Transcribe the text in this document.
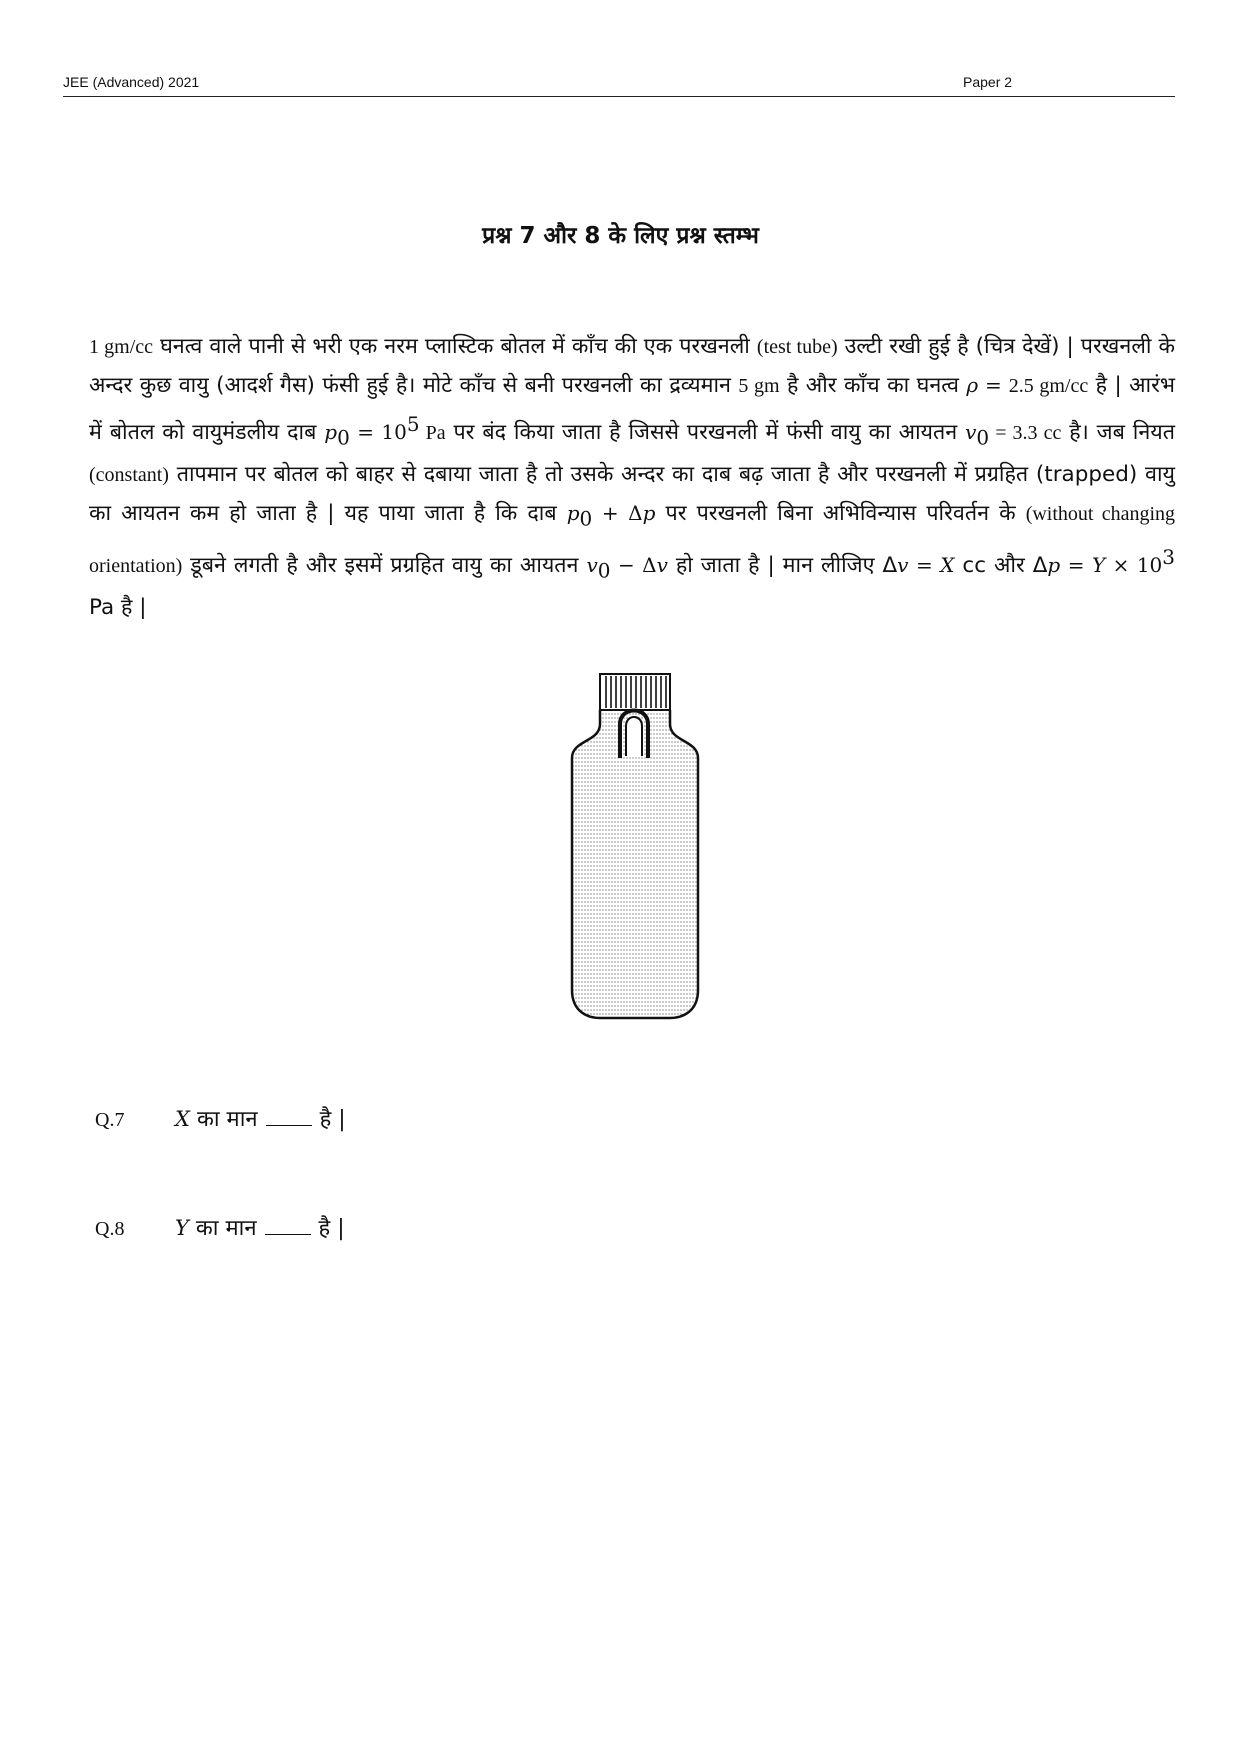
JEE (Advanced) 2021	Paper 2
प्रश्न 7 और 8 के लिए प्रश्न स्तम्भ

1 gm/cc घनत्व वाले पानी से भरी एक नरम प्लास्टिक बोतल में काँच की एक परखनली (test tube) उल्टी रखी हुई है (चित्र देखें) | परखनली के अन्दर कुछ वायु (आदर्श गैस) फंसी हुई है। मोटे काँच से बनी परखनली का द्रव्यमान 5 gm है और काँच का घनत्व ρ = 2.5 gm/cc है | आरंभ में बोतल को वायुमंडलीय दाब $p_0 = 10^5$ Pa पर बंद किया जाता है जिससे परखनली में फंसी वायु का आयतन $v_0 = 3.3$ cc है। जब नियत (constant) तापमान पर बोतल को बाहर से दबाया जाता है तो उसके अन्दर का दाब बढ़ जाता है और परखनली में प्रग्रहित (trapped) वायु का आयतन कम हो जाता है | यह पाया जाता है कि दाब $p_0 + \Delta p$ पर परखनली बिना अभिविन्यास परिवर्तन के (without changing orientation) डूबने लगती है और इसमें प्रग्रहित वायु का आयतन $v_0 - \Delta v$ हो जाता है | मान लीजिए Δv = X cc और $\Delta p = Y \times 10^3$ Pa है |

Q.7 X का मान	है |
Q.8 Y का मान	है |
